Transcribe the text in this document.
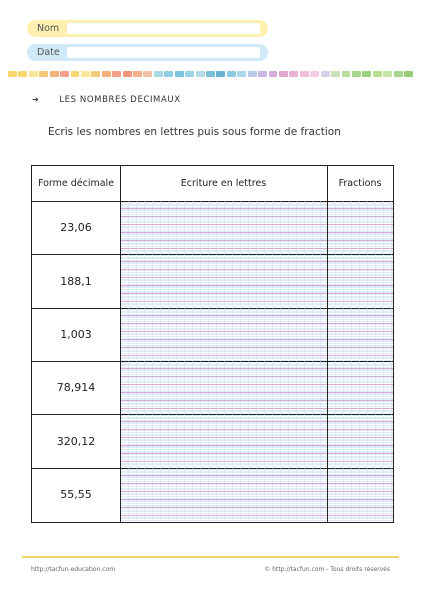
Nom
Date
➜ LES NOMBRES DECIMAUX
Ecris les nombres en lettres puis sous forme de fraction
Forme décimale	Ecriture en lettres	Fractions
23,06
188,1
1,003
78,914
320,12
55,55
http://tacfun-education.com	© http://tacfun.com - Tous droits réservés
